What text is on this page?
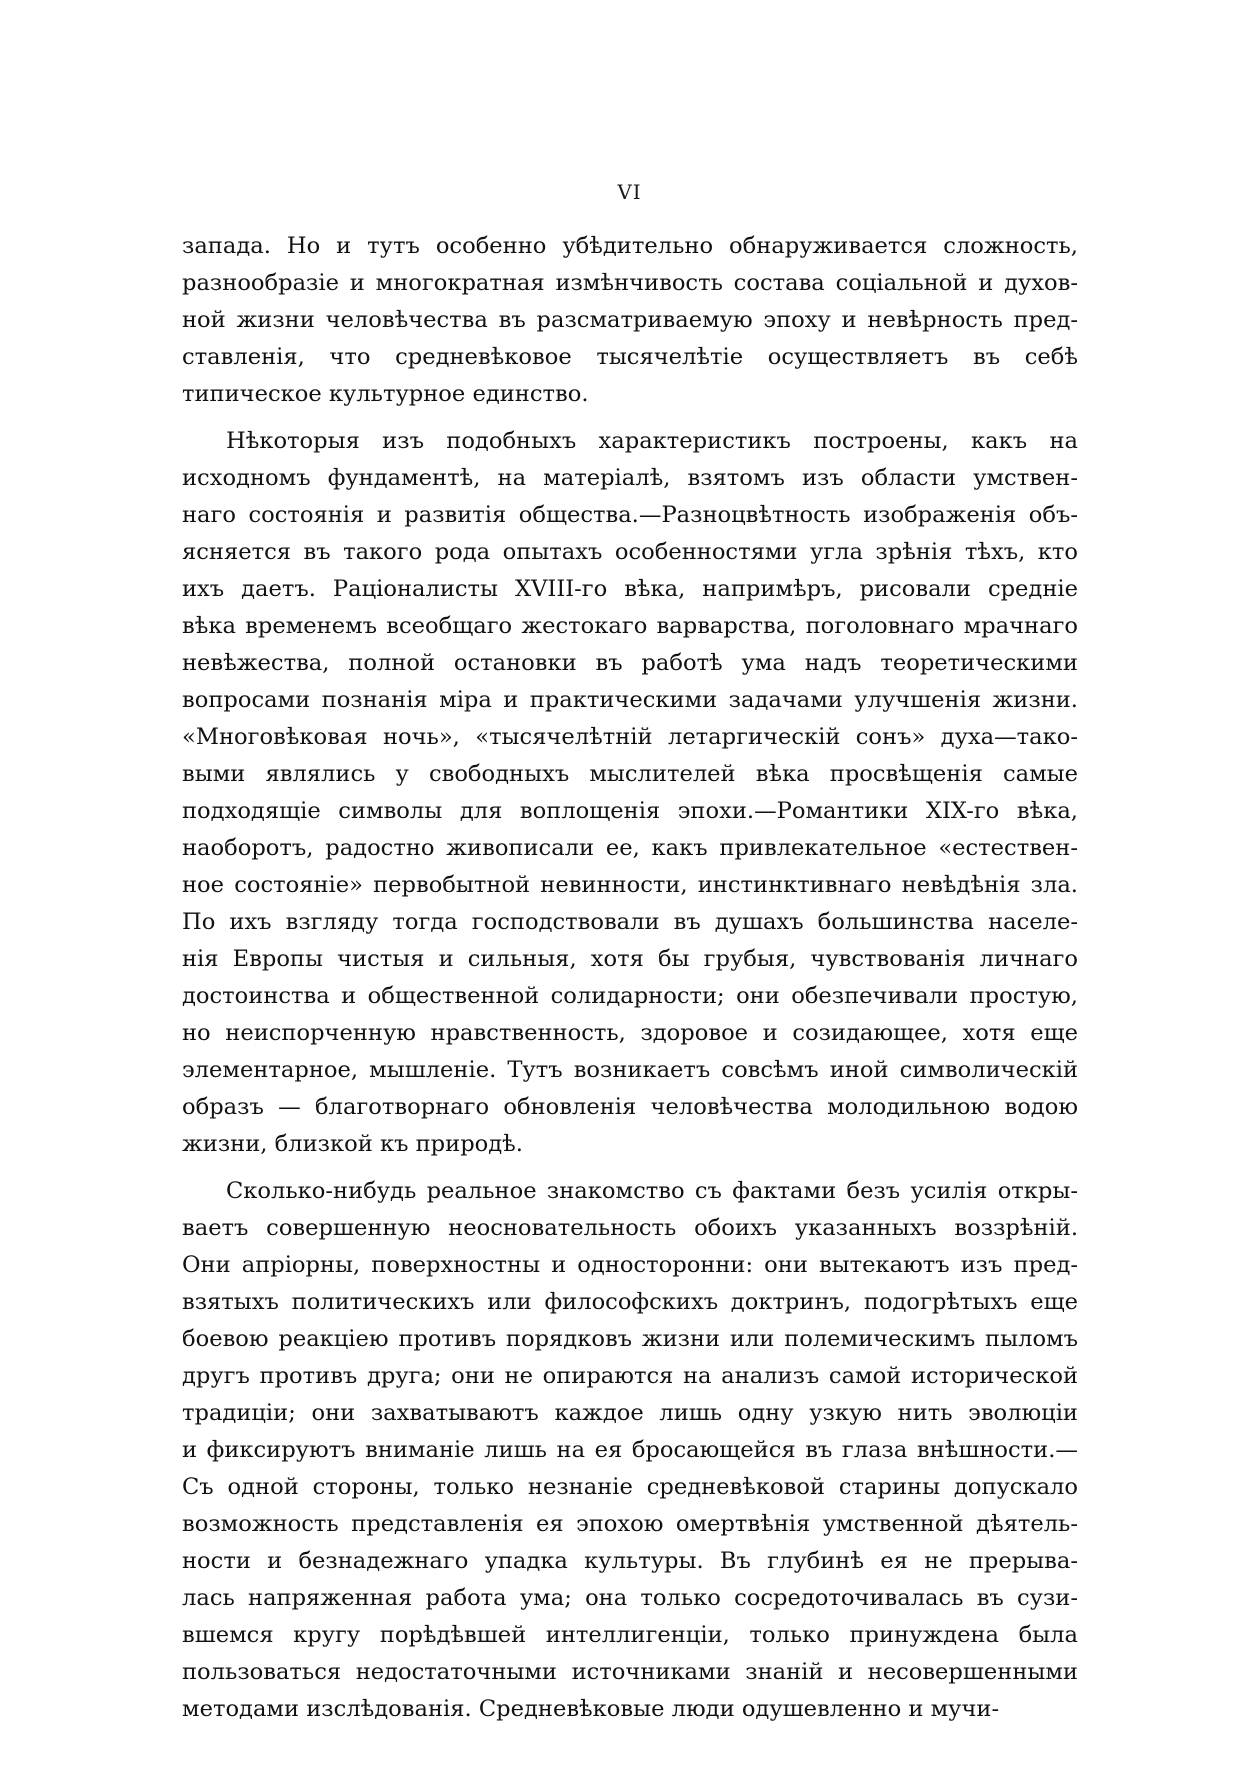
VI
запада. Но и тутъ особенно убѣдительно обнаруживается сложность,
разнообразіе и многократная измѣнчивость состава соціальной и духов-
ной жизни человѣчества въ разсматриваемую эпоху и невѣрность пред-
ставленія, что средневѣковое тысячелѣтіе осуществляетъ въ себѣ
типическое культурное единство.
Нѣкоторыя изъ подобныхъ характеристикъ построены, какъ на
исходномъ фундаментѣ, на матеріалѣ, взятомъ изъ области умствен-
наго состоянія и развитія общества.—Разноцвѣтность изображенія объ-
ясняется въ такого рода опытахъ особенностями угла зрѣнія тѣхъ, кто
ихъ даетъ. Раціоналисты XVIII-го вѣка, напримѣръ, рисовали средніе
вѣка временемъ всеобщаго жестокаго варварства, поголовнаго мрачнаго
невѣжества, полной остановки въ работѣ ума надъ теоретическими
вопросами познанія міра и практическими задачами улучшенія жизни.
«Многовѣковая ночь», «тысячелѣтній летаргическій сонъ» духа—тако-
выми являлись у свободныхъ мыслителей вѣка просвѣщенія самые
подходящіе символы для воплощенія эпохи.—Романтики XIX-го вѣка,
наоборотъ, радостно живописали ее, какъ привлекательное «естествен-
ное состояніе» первобытной невинности, инстинктивнаго невѣдѣнія зла.
По ихъ взгляду тогда господствовали въ душахъ большинства населе-
нія Европы чистыя и сильныя, хотя бы грубыя, чувствованія личнаго
достоинства и общественной солидарности; они обезпечивали простую,
но неиспорченную нравственность, здоровое и созидающее, хотя еще
элементарное, мышленіе. Тутъ возникаетъ совсѣмъ иной символическій
образъ — благотворнаго обновленія человѣчества молодильною водою
жизни, близкой къ природѣ.
Сколько-нибудь реальное знакомство съ фактами безъ усилія откры-
ваетъ совершенную неосновательность обоихъ указанныхъ воззрѣній.
Они апріорны, поверхностны и односторонни: они вытекаютъ изъ пред-
взятыхъ политическихъ или философскихъ доктринъ, подогрѣтыхъ еще
боевою реакціею противъ порядковъ жизни или полемическимъ пыломъ
другъ противъ друга; они не опираются на анализъ самой исторической
традиціи; они захватываютъ каждое лишь одну узкую нить эволюціи
и фиксируютъ вниманіе лишь на ея бросающейся въ глаза внѣшности.—
Съ одной стороны, только незнаніе средневѣковой старины допускало
возможность представленія ея эпохою омертвѣнія умственной дѣятель-
ности и безнадежнаго упадка культуры. Въ глубинѣ ея не прерыва-
лась напряженная работа ума; она только сосредоточивалась въ сузи-
вшемся кругу порѣдѣвшей интеллигенціи, только принуждена была
пользоваться недостаточными источниками знаній и несовершенными
методами изслѣдованія. Средневѣковые люди одушевленно и мучи-
